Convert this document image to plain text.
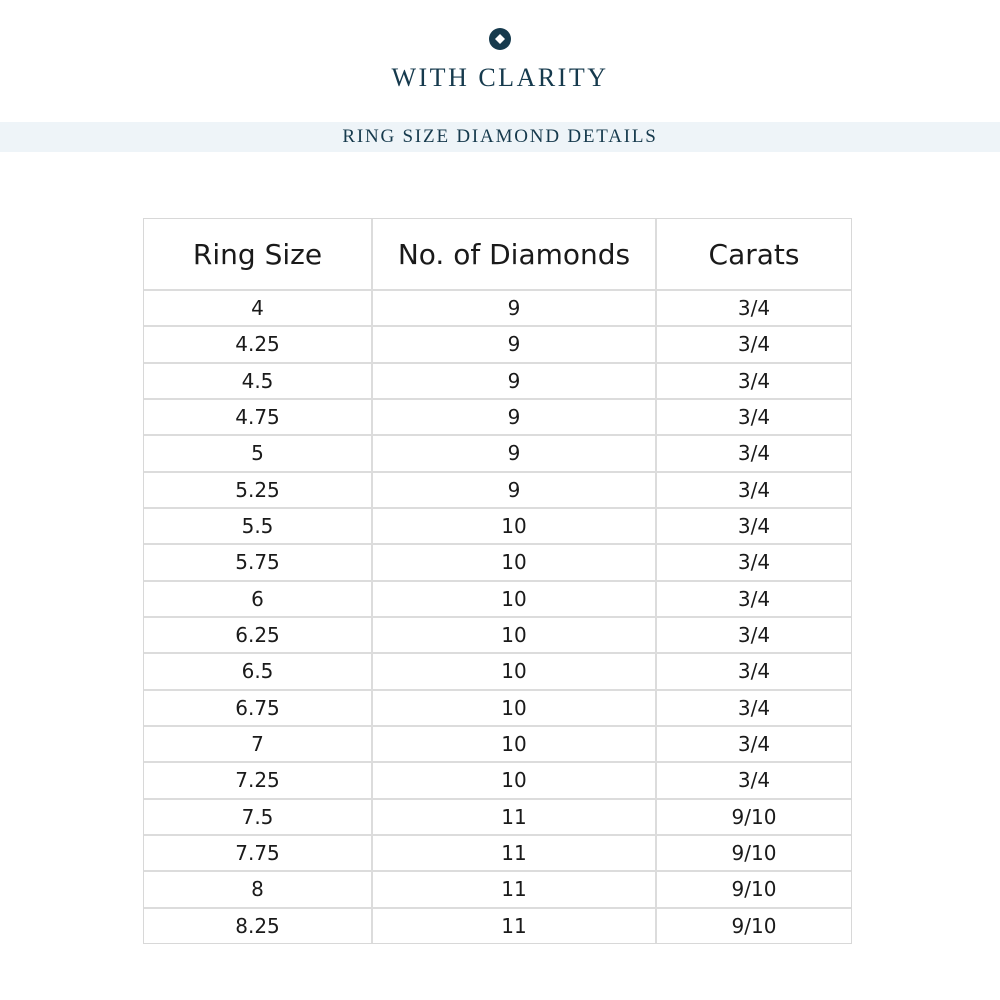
WITH CLARITY
RING SIZE DIAMOND DETAILS
Ring Size	No. of Diamonds	Carats
4	9	3/4
4.25	9	3/4
4.5	9	3/4
4.75	9	3/4
5	9	3/4
5.25	9	3/4
5.5	10	3/4
5.75	10	3/4
6	10	3/4
6.25	10	3/4
6.5	10	3/4
6.75	10	3/4
7	10	3/4
7.25	10	3/4
7.5	11	9/10
7.75	11	9/10
8	11	9/10
8.25	11	9/10
